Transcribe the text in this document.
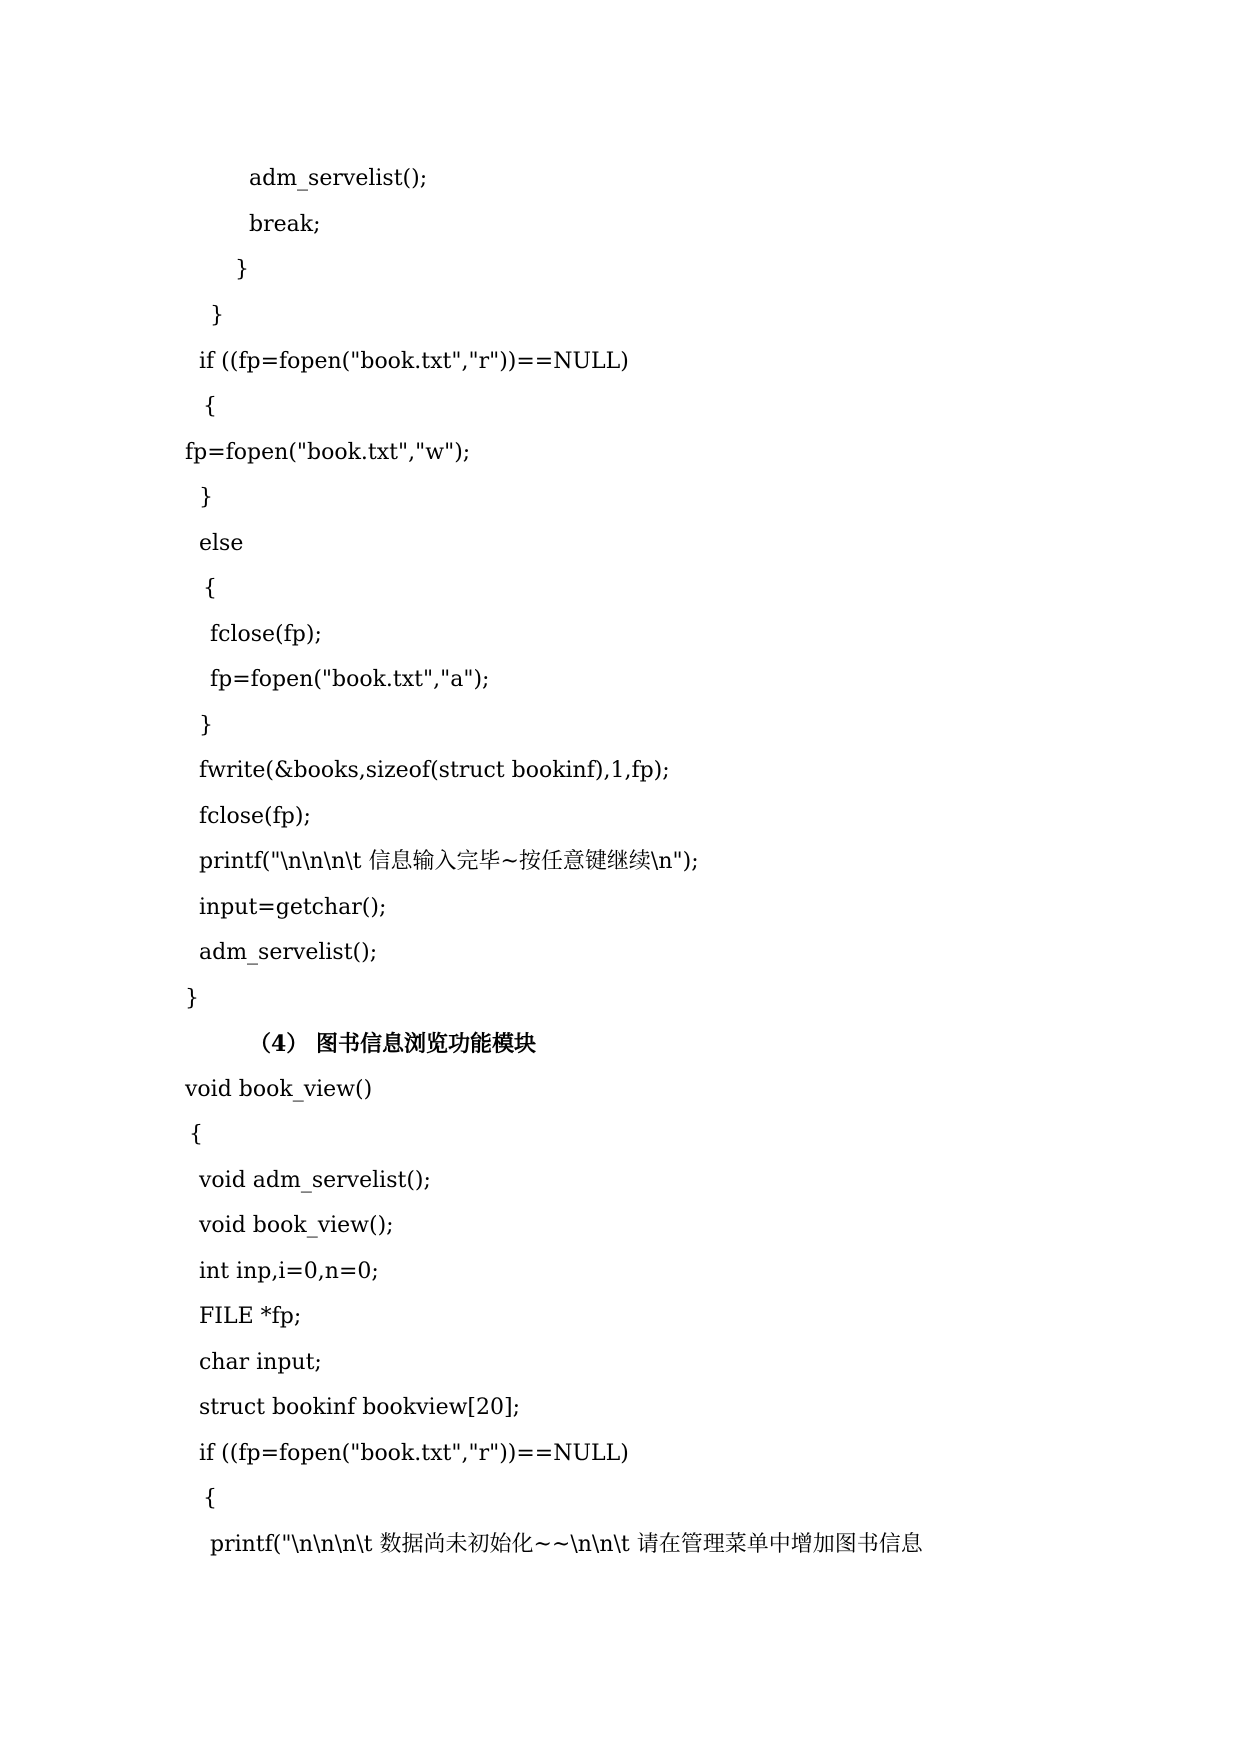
adm_servelist();
break;
}
}
if ((fp=fopen("book.txt","r"))==NULL)
{
fp=fopen("book.txt","w");
}
else
{
fclose(fp);
fp=fopen("book.txt","a");
}
fwrite(&books,sizeof(struct bookinf),1,fp);
fclose(fp);
printf("\n\n\n\t 信息输入完毕~按任意键继续\n");
input=getchar();
adm_servelist();
}
（4） 图书信息浏览功能模块
void book_view()
{
void adm_servelist();
void book_view();
int inp,i=0,n=0;
FILE *fp;
char input;
struct bookinf bookview[20];
if ((fp=fopen("book.txt","r"))==NULL)
{
printf("\n\n\n\t 数据尚未初始化~~\n\n\t 请在管理菜单中增加图书信息
